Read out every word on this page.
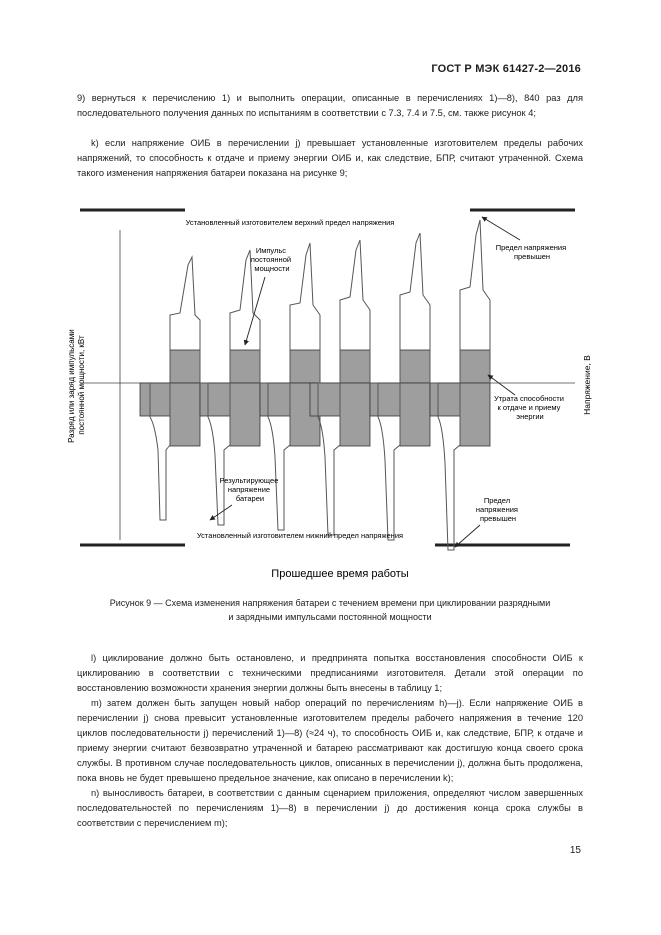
ГОСТ Р МЭК 61427-2—2016
9) вернуться к перечислению 1) и выполнить операции, описанные в перечислениях 1)—8), 840 раз для последовательного получения данных по испытаниям в соответствии с 7.3, 7.4 и 7.5, см. также рисунок 4;
k) если напряжение ОИБ в перечислении j) превышает установленные изготовителем пределы рабочих напряжений, то способность к отдаче и приему энергии ОИБ и, как следствие, БПР, считают утраченной. Схема такого изменения напряжения батареи показана на рисунке 9;
Установленный изготовителем верхний предел напряжения
Установленный изготовителем нижний предел напряжения
Импульс постоянной мощности
Предел напряжения превышен
Утрата способности к отдаче и приему энергии
Результирующее напряжение батареи	Предел напряжения превышен
Разряд или заряд импульсами постоянной мощности, кВт	Напряжение, В
Прошедшее время работы
Рисунок 9 — Схема изменения напряжения батареи с течением времени при циклировании разрядными
и зарядными импульсами постоянной мощности
l) циклирование должно быть остановлено, и предпринята попытка восстановления способности ОИБ к циклированию в соответствии с техническими предписаниями изготовителя. Детали этой операции по восстановлению возможности хранения энергии должны быть внесены в таблицу 1;
m) затем должен быть запущен новый набор операций по перечислениям h)—j). Если напряжение ОИБ в перечислении j) снова превысит установленные изготовителем пределы рабочего напряжения в течение 120 циклов последовательности j) перечислений 1)—8) (≈24 ч), то способность ОИБ и, как следствие, БПР, к отдаче и приему энергии считают безвозвратно утраченной и батарею рассматривают как достигшую конца своего срока службы. В противном случае последовательность циклов, описанных в перечислении j), должна быть продолжена, пока вновь не будет превышено предельное значение, как описано в перечислении k);
n) выносливость батареи, в соответствии с данным сценарием приложения, определяют числом завершенных последовательностей по перечислениям 1)—8) в перечислении j) до достижения конца срока службы в соответствии с перечислением m);
15
